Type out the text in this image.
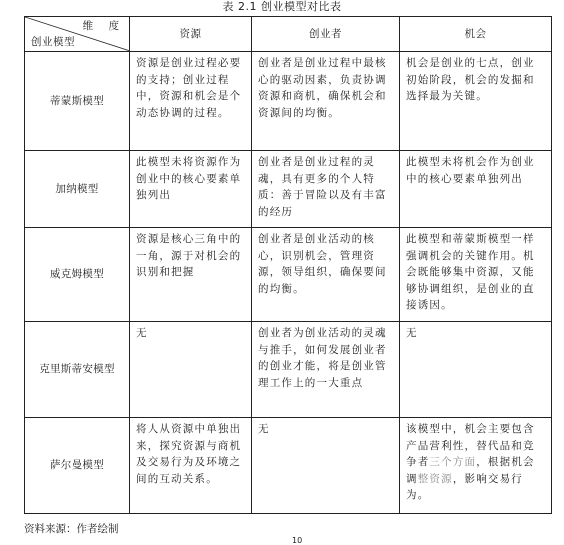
表 2.1 创业模型对比表
维 度
创业模型	资源	创业者	机会
蒂蒙斯模型	资源是创业过程必要的支持；创业过程中，资源和机会是个动态协调的过程。	创业者是创业过程中最核心的驱动因素，负责协调资源和商机，确保机会和资源间的均衡。	机会是创业的七点，创业初始阶段，机会的发掘和选择最为关键。
加纳模型	此模型未将资源作为创业中的核心要素单独列出	创业者是创业过程的灵魂，具有更多的个人特质：善于冒险以及有丰富的经历	此模型未将机会作为创业中的核心要素单独列出
威克姆模型	资源是核心三角中的一角，源于对机会的识别和把握	创业者是创业活动的核心，识别机会，管理资源，领导组织，确保要间的均衡。	此模型和蒂蒙斯模型一样强调机会的关键作用。机会既能够集中资源，又能够协调组织，是创业的直接诱因。
克里斯蒂安模型	无	创业者为创业活动的灵魂与推手，如何发展创业者的创业才能，将是创业管理工作上的一大重点	无
萨尔曼模型	将人从资源中单独出来，探究资源与商机及交易行为及环境之间的互动关系。	无	该模型中，机会主要包含产品营利性，替代品和竞争者三个方面，根据机会调整资源，影响交易行为。
资料来源：作者绘制
10
